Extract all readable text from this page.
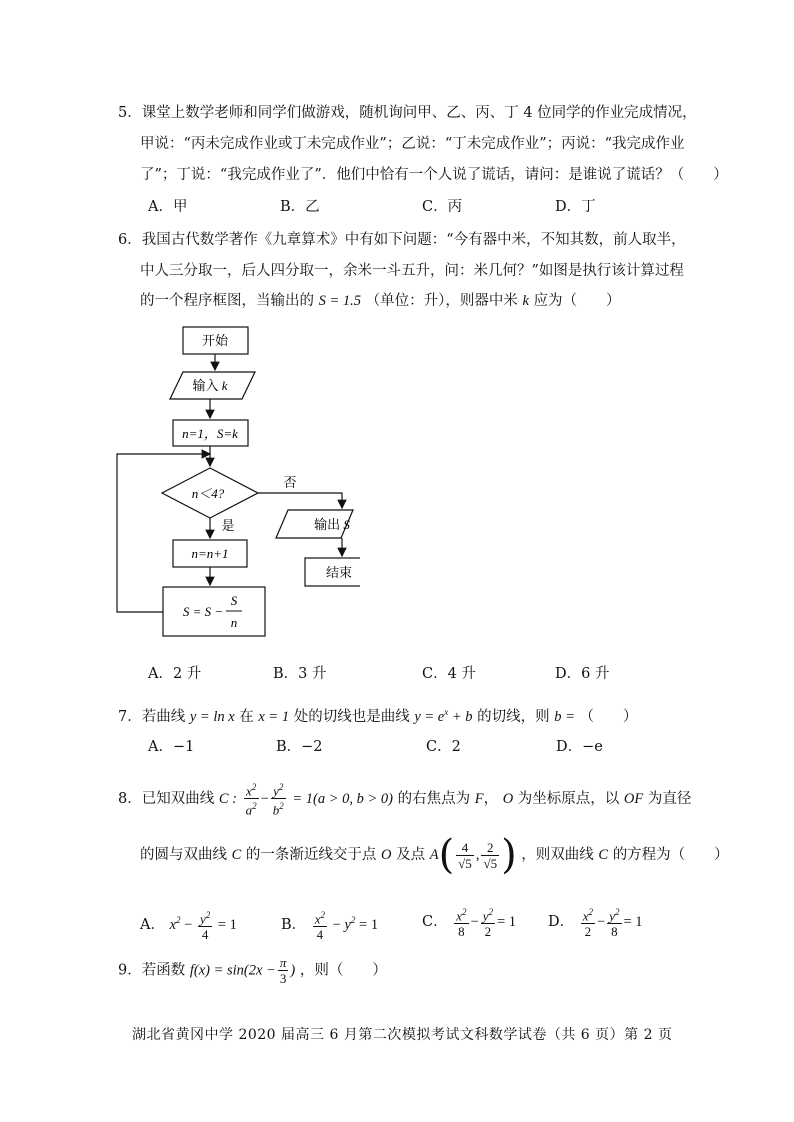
5．课堂上数学老师和同学们做游戏，随机询问甲、乙、丙、丁 4 位同学的作业完成情况，
甲说：“丙未完成作业或丁未完成作业”；乙说：“丁未完成作业”；丙说：“我完成作业
了”；丁说：“我完成作业了”．他们中恰有一个人说了谎话，请问：是谁说了谎话？（　　）
A．甲	B．乙	C．丙	D．丁
6．我国古代数学著作《九章算术》中有如下问题：“今有器中米，不知其数，前人取半，
中人三分取一，后人四分取一，余米一斗五升，问：米几何？”如图是执行该计算过程
的一个程序框图，当输出的 S = 1.5 （单位：升），则器中米 k 应为（　　）
开始
输入 k
n=1，S=k
n＜4?
否
输出 S
结束
是
n=n+1
S = S −
S
n
A．2 升	B．3 升	C．4 升	D．6 升
7．若曲线 y = ln x 在 x = 1 处的切线也是曲线 $y = e^x + b$ 的切线，则 b = （　　）
A．−1	B．−2	C．2	D．−e
8．已知双曲线 C : $\frac{x^2}{a^2} - \frac{y^2}{b^2} = 1(a > 0$, b > 0) 的右焦点为 F， O 为坐标原点，以 OF 为直径
的圆与双曲线 C 的一条渐近线交于点 O 及点 $A( \frac{4}{√5}$ , $\frac{2}{√5}$ ) ，则双曲线 C 的方程为（　　）
A． $x^2 - \frac{y^2}{4} = 1$	B． $\frac{x^2}{4} - y^2 = 1$	C． $\frac{x^2}{8} - \frac{y^2}{2} = 1$ D． $\frac{x^2}{2} - \frac{y^2}{8} = 1$
9．若函数 $f(x) = \sin(2x - \frac{\pi}{3}$ ) ，则（　　）
湖北省黄冈中学 2020 届高三 6 月第二次模拟考试文科数学试卷（共 6 页）第 2 页
